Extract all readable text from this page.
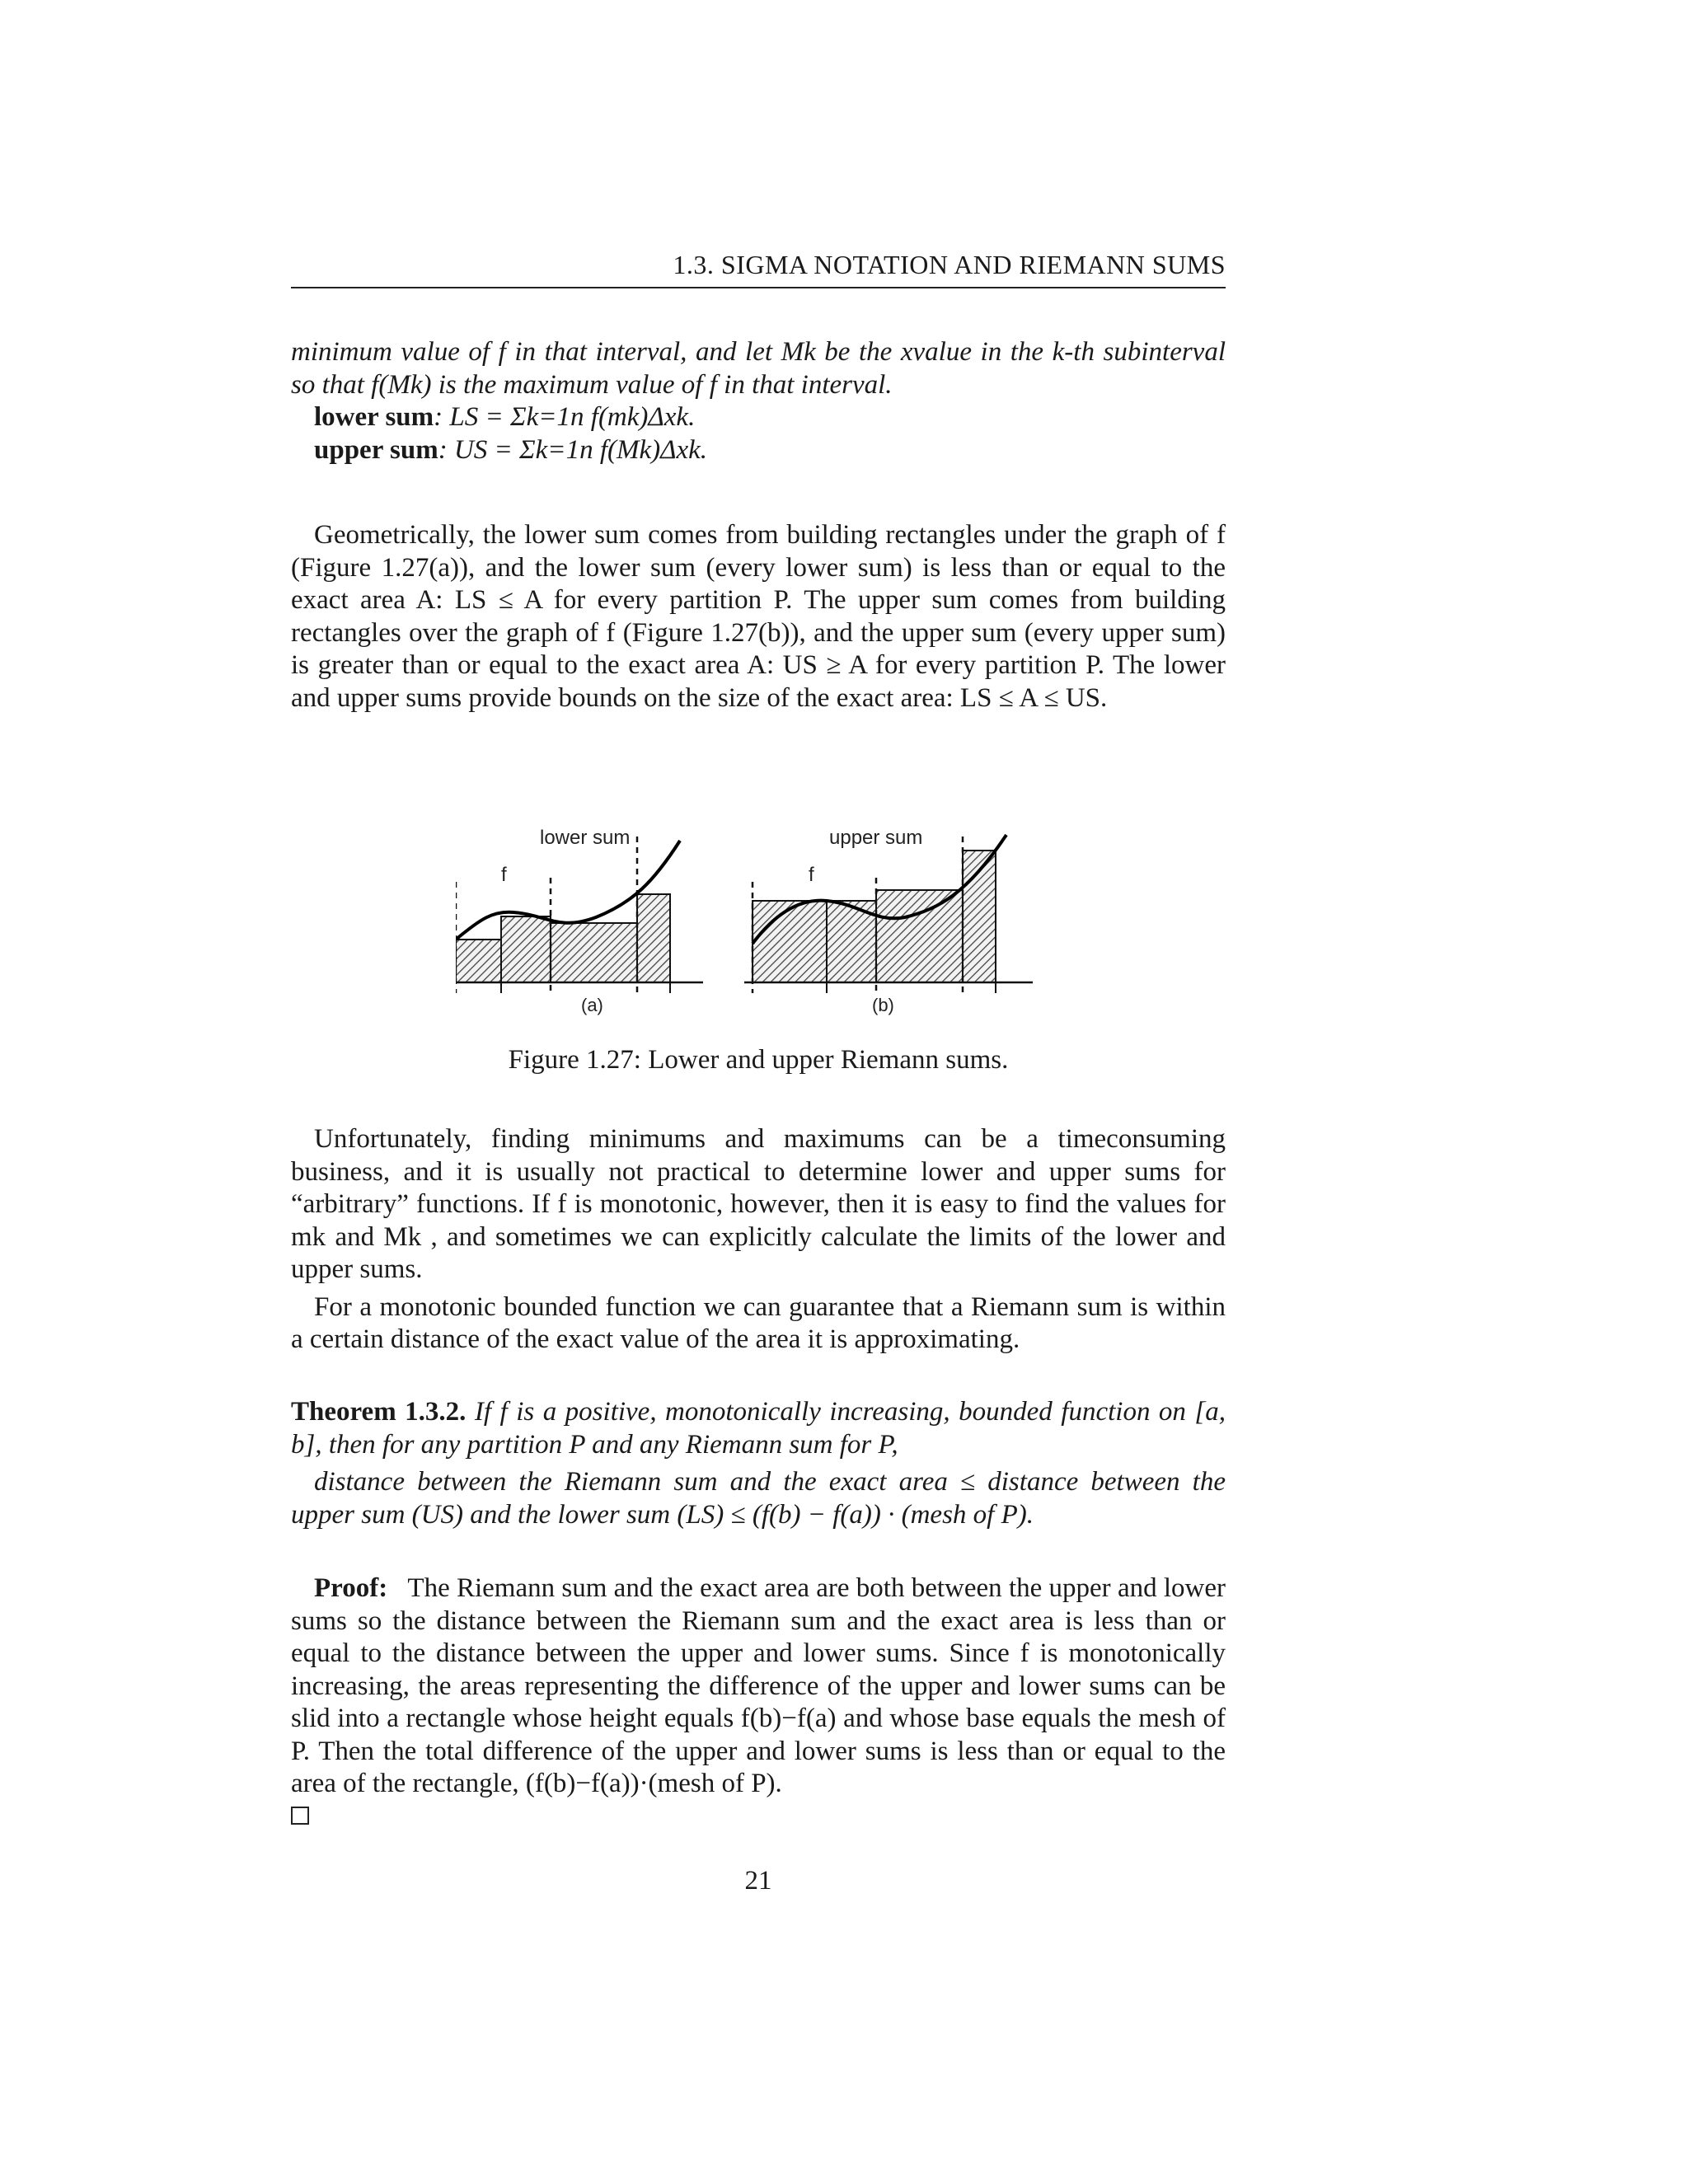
1.3. SIGMA NOTATION AND RIEMANN SUMS

minimum value of f in that interval, and let Mk be the xvalue in the k-th subinterval so that f(Mk) is the maximum value of f in that interval.

lower sum: LS = Σk=1n f(mk)Δxk.

upper sum: US = Σk=1n f(Mk)Δxk.

Geometrically, the lower sum comes from building rectangles under the graph of f (Figure 1.27(a)), and the lower sum (every lower sum) is less than or equal to the exact area A: LS ≤ A for every partition P. The upper sum comes from building rectangles over the graph of f (Figure 1.27(b)), and the upper sum (every upper sum) is greater than or equal to the exact area A: US ≥ A for every partition P. The lower and upper sums provide bounds on the size of the exact area: LS ≤ A ≤ US.

lower sum
f
(a)
upper sum
f
(b)
Figure 1.27: Lower and upper Riemann sums.

Unfortunately, finding minimums and maximums can be a timeconsuming business, and it is usually not practical to determine lower and upper sums for “arbitrary” functions. If f is monotonic, however, then it is easy to find the values for mk and Mk , and sometimes we can explicitly calculate the limits of the lower and upper sums.

For a monotonic bounded function we can guarantee that a Riemann sum is within a certain distance of the exact value of the area it is approximating.

Theorem 1.3.2. If f is a positive, monotonically increasing, bounded function on [a, b], then for any partition P and any Riemann sum for P,

distance between the Riemann sum and the exact area ≤ distance between the upper sum (US) and the lower sum (LS) ≤ (f(b) − f(a)) · (mesh of P).

Proof: The Riemann sum and the exact area are both between the upper and lower sums so the distance between the Riemann sum and the exact area is less than or equal to the distance between the upper and lower sums. Since f is monotonically increasing, the areas representing the difference of the upper and lower sums can be slid into a rectangle whose height equals f(b)−f(a) and whose base equals the mesh of P. Then the total difference of the upper and lower sums is less than or equal to the area of the rectangle, (f(b)−f(a))·(mesh of P).

21
